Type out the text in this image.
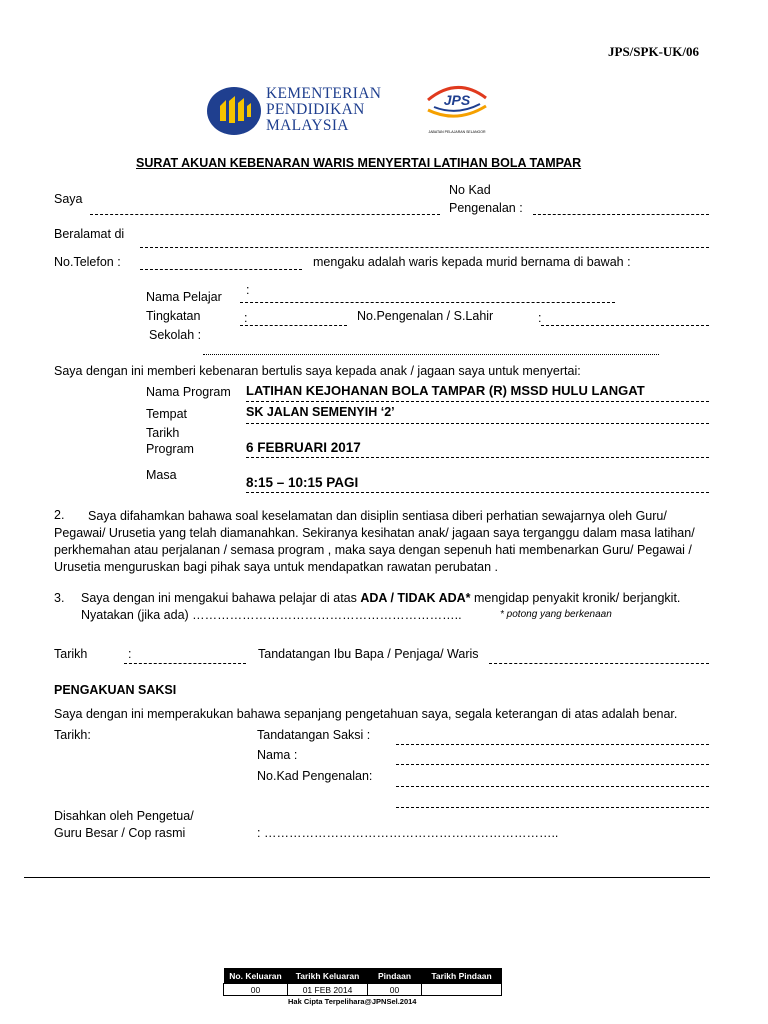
JPS/SPK-UK/06
KEMENTERIAN
PENDIDIKAN
MALAYSIA
JPS
JABATAN PELAJARAN SELANGOR
SURAT AKUAN KEBENARAN WARIS MENYERTAI LATIHAN BOLA TAMPAR
Saya
No Kad
Pengenalan :
Beralamat di
No.Telefon :	mengaku adalah waris kepada murid bernama di bawah :
Nama Pelajar :
Tingkatan	:	No.Pengenalan / S.Lahir	:
Sekolah :
Saya dengan ini memberi kebenaran bertulis saya kepada anak / jagaan saya untuk menyertai:
Nama Program LATIHAN KEJOHANAN BOLA TAMPAR (R) MSSD HULU LANGAT
Tempat	SK JALAN SEMENYIH ‘2’
Tarikh
Program	6 FEBRUARI 2017
Masa	8:15 – 10:15 PAGI
2.	Saya difahamkan bahawa soal keselamatan dan disiplin sentiasa diberi perhatian sewajarnya oleh Guru/ Pegawai/ Urusetia yang telah diamanahkan. Sekiranya kesihatan anak/ jagaan saya terganggu dalam masa latihan/ perkhemahan atau perjalanan / semasa program , maka saya dengan sepenuh hati membenarkan Guru/ Pegawai / Urusetia menguruskan bagi pihak saya untuk mendapatkan rawatan perubatan .
3. Saya dengan ini mengakui bahawa pelajar di atas ADA / TIDAK ADA* mengidap penyakit kronik/ berjangkit.
Nyatakan (jika ada) ………………………………………………………..	* potong yang berkenaan
Tarikh	:	Tandatangan Ibu Bapa / Penjaga/ Waris
PENGAKUAN SAKSI
Saya dengan ini memperakukan bahawa sepanjang pengetahuan saya, segala keterangan di atas adalah benar.
Tarikh:	Tandatangan Saksi :
Nama :
No.Kad Pengenalan:
Disahkan oleh Pengetua/
Guru Besar / Cop rasmi	: ……………………………………………………………..
No. Keluaran	Tarikh Keluaran	Pindaan	Tarikh Pindaan
00	01 FEB 2014	00	
Hak Cipta Terpelihara@JPNSel.2014
